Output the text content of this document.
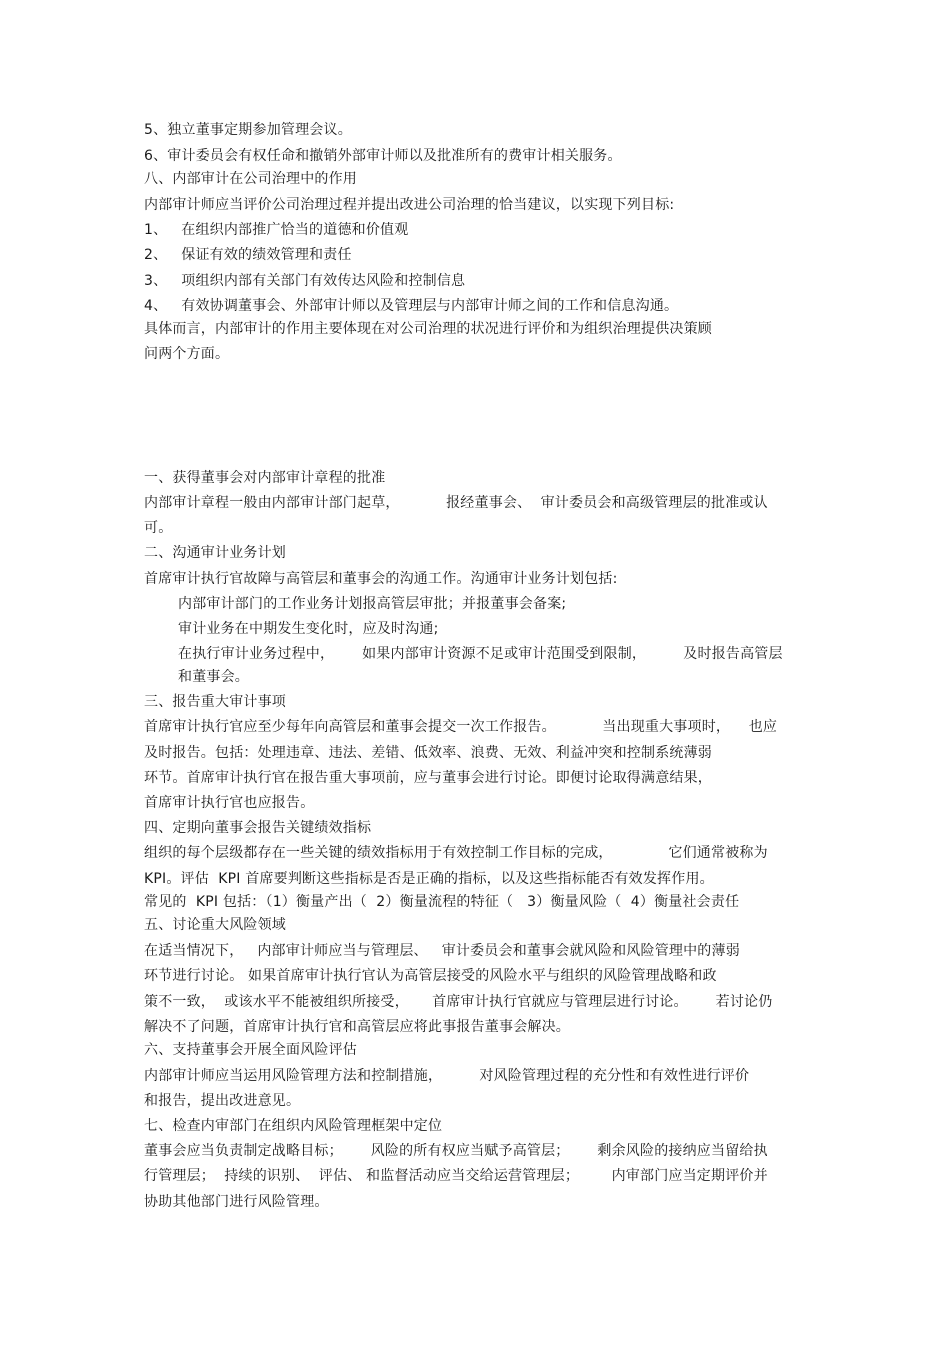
5、独立董事定期参加管理会议。
6、审计委员会有权任命和撤销外部审计师以及批准所有的费审计相关服务。
八、内部审计在公司治理中的作用
内部审计师应当评价公司治理过程并提出改进公司治理的恰当建议，以实现下列目标:
1、   在组织内部推广恰当的道德和价值观
2、   保证有效的绩效管理和责任
3、   项组织内部有关部门有效传达风险和控制信息
4、   有效协调董事会、外部审计师以及管理层与内部审计师之间的工作和信息沟通。
具体而言，内部审计的作用主要体现在对公司治理的状况进行评价和为组织治理提供决策顾
问两个方面。
一、获得董事会对内部审计章程的批准
内部审计章程一般由内部审计部门起草，          报经董事会、  审计委员会和高级管理层的批准或认
可。
二、沟通审计业务计划
首席审计执行官故障与高管层和董事会的沟通工作。沟通审计业务计划包括:
内部审计部门的工作业务计划报高管层审批；并报董事会备案;
审计业务在中期发生变化时，应及时沟通;
在执行审计业务过程中，      如果内部审计资源不足或审计范围受到限制，        及时报告高管层
和董事会。
三、报告重大审计事项
首席审计执行官应至少每年向高管层和董事会提交一次工作报告。          当出现重大事项时，    也应
及时报告。包括：处理违章、违法、差错、低效率、浪费、无效、利益冲突和控制系统薄弱
环节。首席审计执行官在报告重大事项前，应与董事会进行讨论。即便讨论取得满意结果，
首席审计执行官也应报告。
四、定期向董事会报告关键绩效指标
组织的每个层级都存在一些关键的绩效指标用于有效控制工作目标的完成，            它们通常被称为
KPI。评估  KPI 首席要判断这些指标是否是正确的指标，以及这些指标能否有效发挥作用。
常见的  KPI 包括：（1）衡量产出（  2）衡量流程的特征（   3）衡量风险（  4）衡量社会责任
五、讨论重大风险领域
在适当情况下，   内部审计师应当与管理层、   审计委员会和董事会就风险和风险管理中的薄弱
环节进行讨论。 如果首席审计执行官认为高管层接受的风险水平与组织的风险管理战略和政
策不一致，  或该水平不能被组织所接受，     首席审计执行官就应与管理层进行讨论。      若讨论仍
解决不了问题，首席审计执行官和高管层应将此事报告董事会解决。
六、支持董事会开展全面风险评估
内部审计师应当运用风险管理方法和控制措施，        对风险管理过程的充分性和有效性进行评价
和报告，提出改进意见。
七、检查内审部门在组织内风险管理框架中定位
董事会应当负责制定战略目标；      风险的所有权应当赋予高管层；      剩余风险的接纳应当留给执
行管理层；  持续的识别、  评估、 和监督活动应当交给运营管理层；       内审部门应当定期评价并
协助其他部门进行风险管理。
